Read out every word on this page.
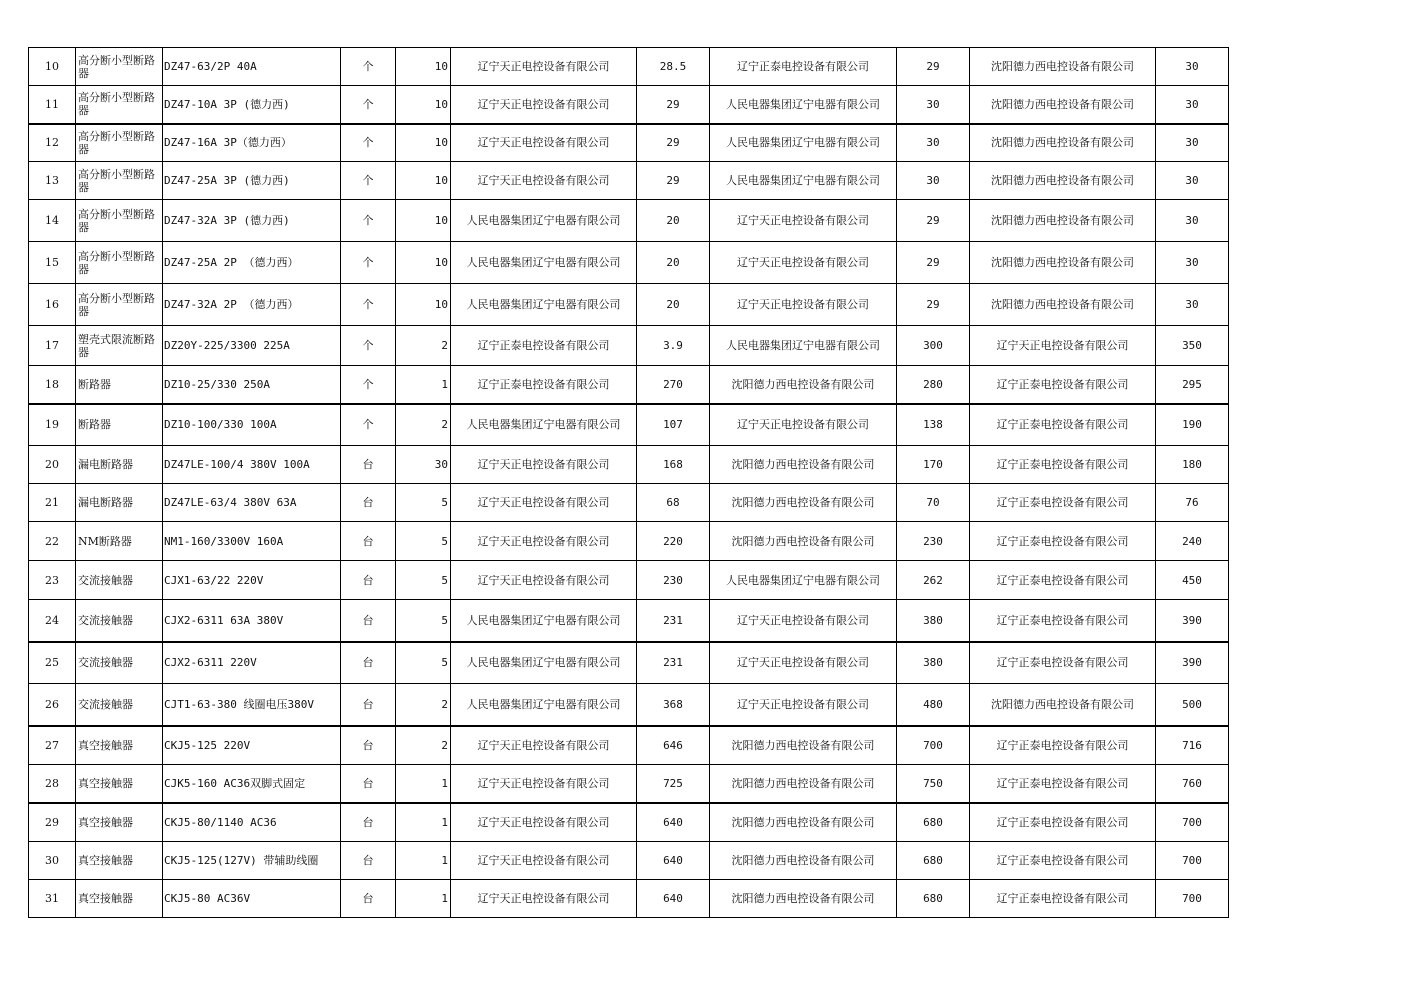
10	高分断小型断路器	DZ47-63/2P 40A	个	10	辽宁天正电控设备有限公司	28.5	辽宁正泰电控设备有限公司	29	沈阳德力西电控设备有限公司	30
11	高分断小型断路器	DZ47-10A 3P (德力西)	个	10	辽宁天正电控设备有限公司	29	人民电器集团辽宁电器有限公司	30	沈阳德力西电控设备有限公司	30
12	高分断小型断路器	DZ47-16A 3P（德力西）	个	10	辽宁天正电控设备有限公司	29	人民电器集团辽宁电器有限公司	30	沈阳德力西电控设备有限公司	30
13	高分断小型断路器	DZ47-25A 3P (德力西)	个	10	辽宁天正电控设备有限公司	29	人民电器集团辽宁电器有限公司	30	沈阳德力西电控设备有限公司	30
14	高分断小型断路器	DZ47-32A 3P (德力西)	个	10	人民电器集团辽宁电器有限公司	20	辽宁天正电控设备有限公司	29	沈阳德力西电控设备有限公司	30
15	高分断小型断路器	DZ47-25A 2P （德力西）	个	10	人民电器集团辽宁电器有限公司	20	辽宁天正电控设备有限公司	29	沈阳德力西电控设备有限公司	30
16	高分断小型断路器	DZ47-32A 2P （德力西）	个	10	人民电器集团辽宁电器有限公司	20	辽宁天正电控设备有限公司	29	沈阳德力西电控设备有限公司	30
17	塑壳式限流断路器	DZ20Y-225/3300 225A	个	2	辽宁正泰电控设备有限公司	3.9	人民电器集团辽宁电器有限公司	300	辽宁天正电控设备有限公司	350
18	断路器	DZ10-25/330 250A	个	1	辽宁正泰电控设备有限公司	270	沈阳德力西电控设备有限公司	280	辽宁正泰电控设备有限公司	295
19	断路器	DZ10-100/330 100A	个	2	人民电器集团辽宁电器有限公司	107	辽宁天正电控设备有限公司	138	辽宁正泰电控设备有限公司	190
20	漏电断路器	DZ47LE-100/4 380V 100A	台	30	辽宁天正电控设备有限公司	168	沈阳德力西电控设备有限公司	170	辽宁正泰电控设备有限公司	180
21	漏电断路器	DZ47LE-63/4 380V 63A	台	5	辽宁天正电控设备有限公司	68	沈阳德力西电控设备有限公司	70	辽宁正泰电控设备有限公司	76
22	NM断路器	NM1-160/3300V 160A	台	5	辽宁天正电控设备有限公司	220	沈阳德力西电控设备有限公司	230	辽宁正泰电控设备有限公司	240
23	交流接触器	CJX1-63/22 220V	台	5	辽宁天正电控设备有限公司	230	人民电器集团辽宁电器有限公司	262	辽宁正泰电控设备有限公司	450
24	交流接触器	CJX2-6311 63A 380V	台	5	人民电器集团辽宁电器有限公司	231	辽宁天正电控设备有限公司	380	辽宁正泰电控设备有限公司	390
25	交流接触器	CJX2-6311 220V	台	5	人民电器集团辽宁电器有限公司	231	辽宁天正电控设备有限公司	380	辽宁正泰电控设备有限公司	390
26	交流接触器	CJT1-63-380 线圈电压380V	台	2	人民电器集团辽宁电器有限公司	368	辽宁天正电控设备有限公司	480	沈阳德力西电控设备有限公司	500
27	真空接触器	CKJ5-125 220V	台	2	辽宁天正电控设备有限公司	646	沈阳德力西电控设备有限公司	700	辽宁正泰电控设备有限公司	716
28	真空接触器	CJK5-160 AC36双脚式固定	台	1	辽宁天正电控设备有限公司	725	沈阳德力西电控设备有限公司	750	辽宁正泰电控设备有限公司	760
29	真空接触器	CKJ5-80/1140 AC36	台	1	辽宁天正电控设备有限公司	640	沈阳德力西电控设备有限公司	680	辽宁正泰电控设备有限公司	700
30	真空接触器	CKJ5-125(127V) 带辅助线圈	台	1	辽宁天正电控设备有限公司	640	沈阳德力西电控设备有限公司	680	辽宁正泰电控设备有限公司	700
31	真空接触器	CKJ5-80 AC36V	台	1	辽宁天正电控设备有限公司	640	沈阳德力西电控设备有限公司	680	辽宁正泰电控设备有限公司	700
